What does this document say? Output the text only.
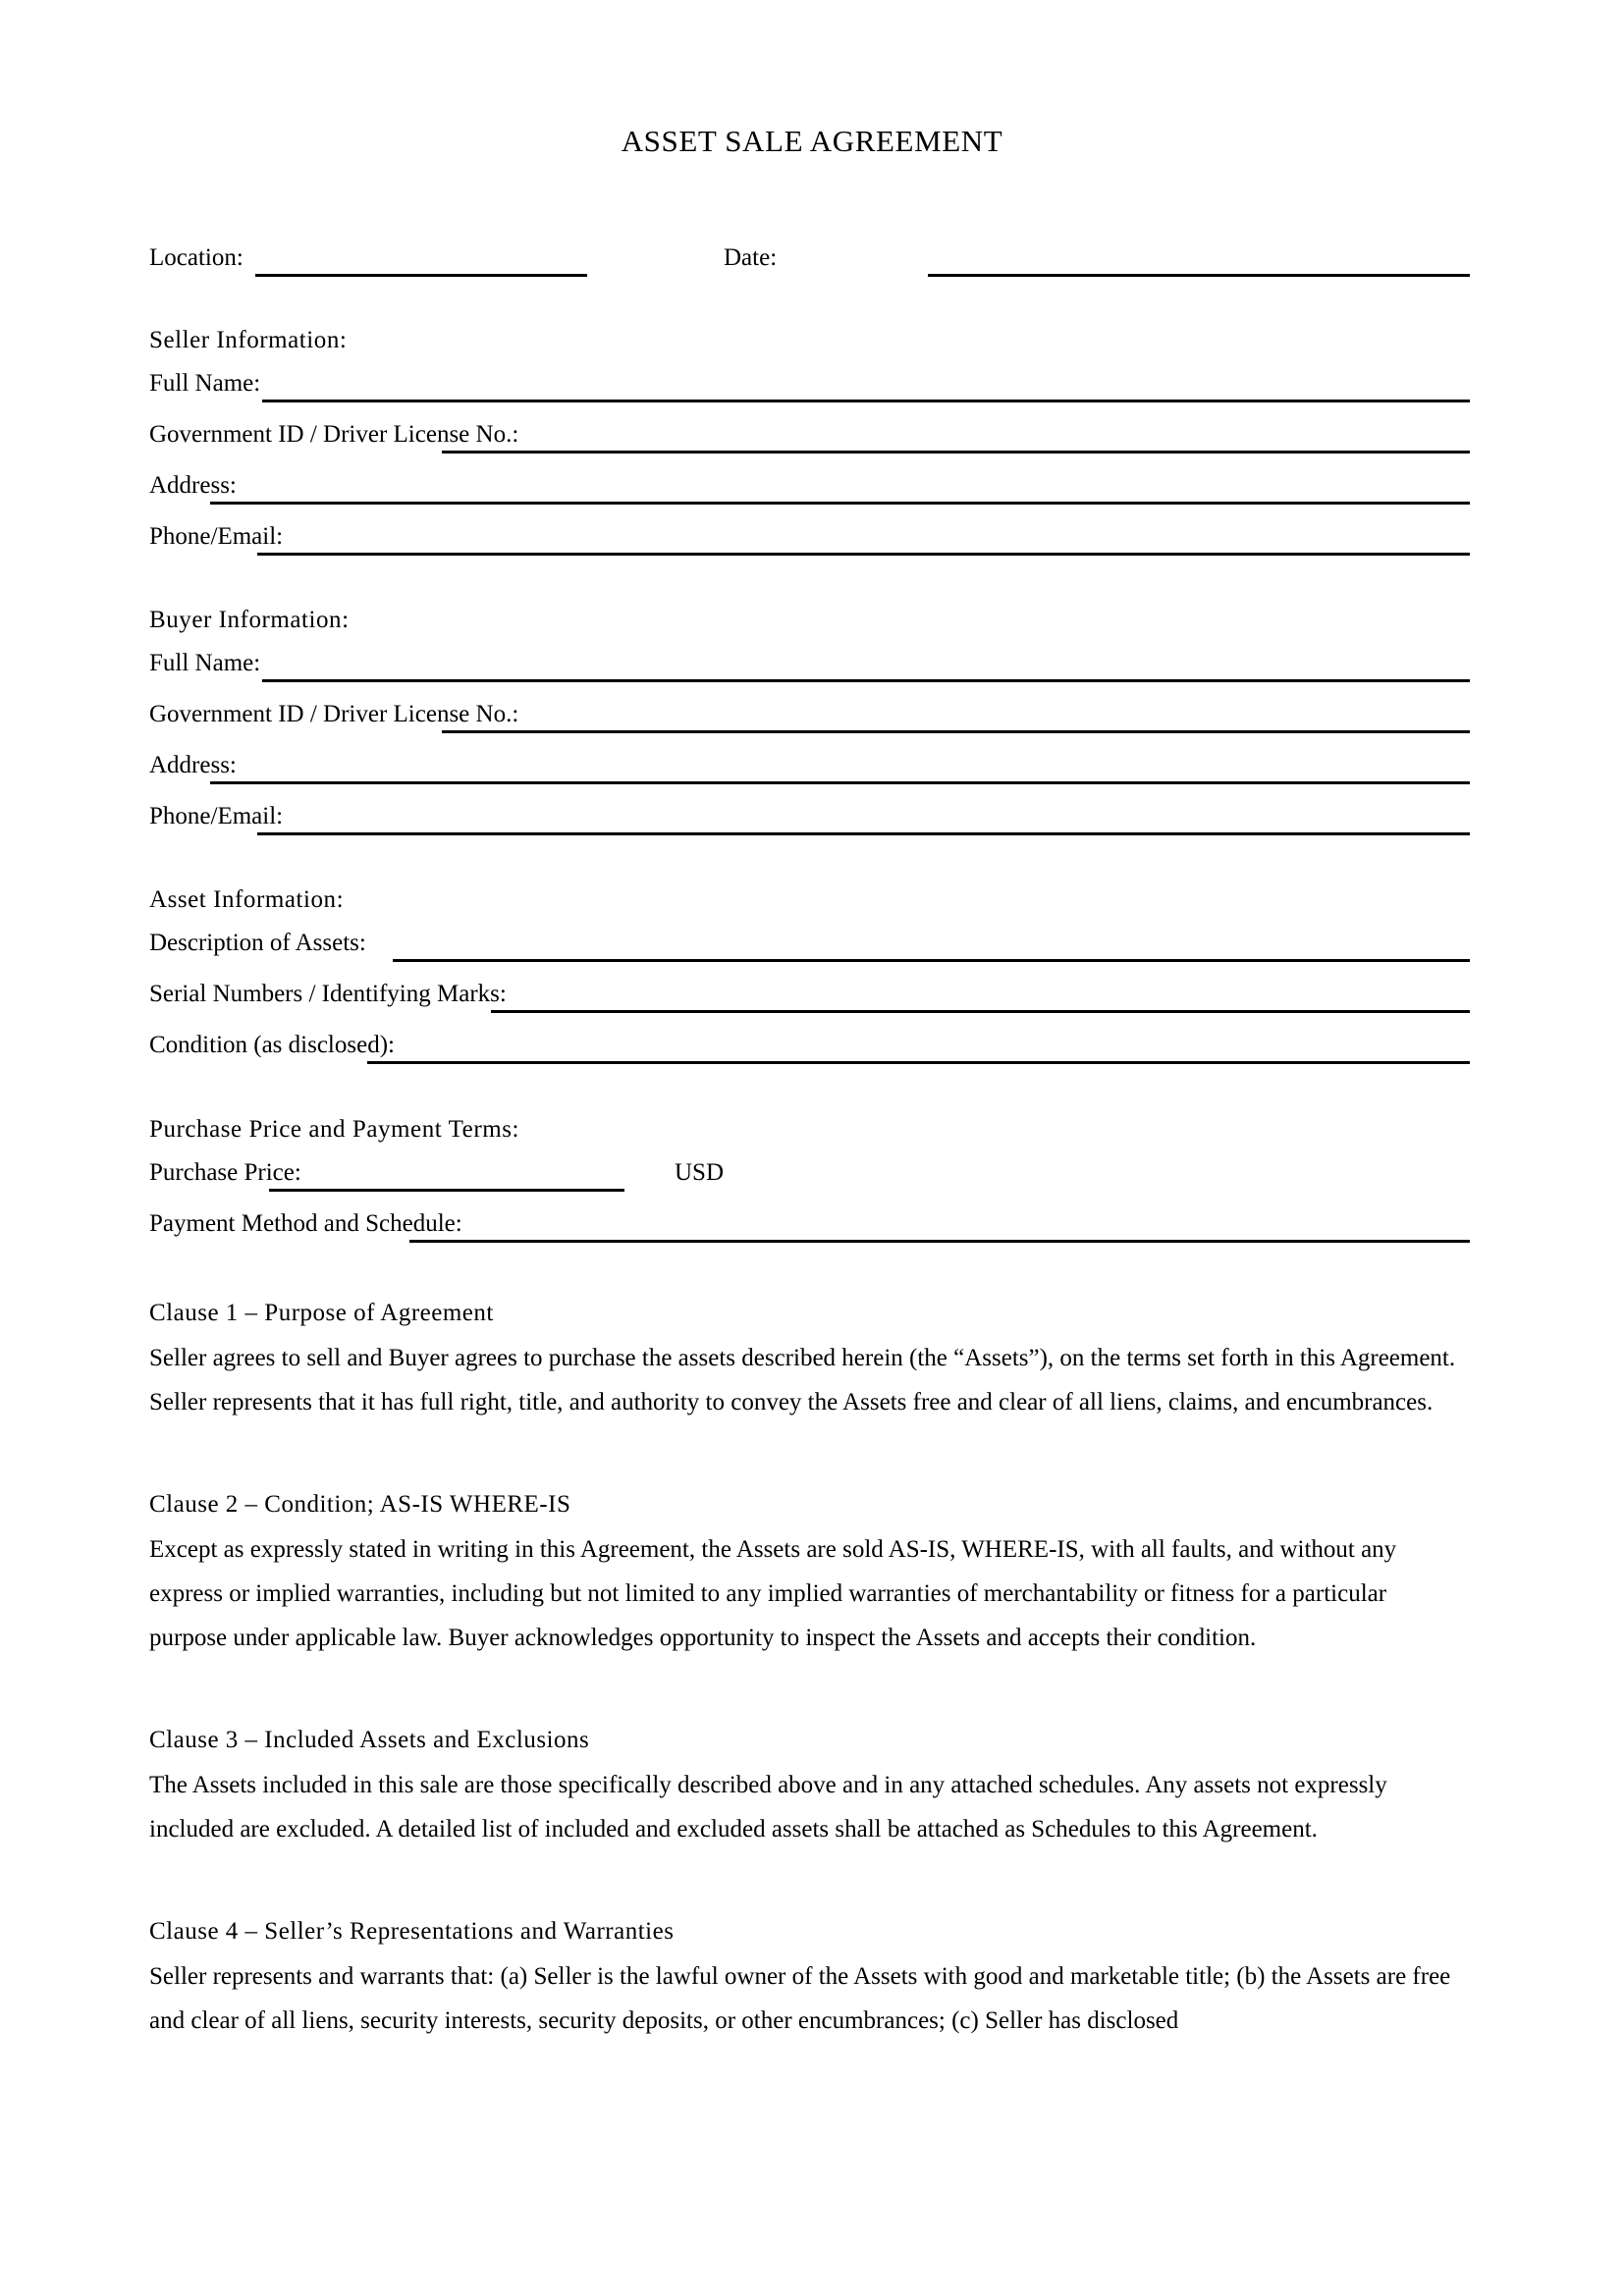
ASSET SALE AGREEMENT
Location:	Date:
Seller Information:
Full Name:
Government ID / Driver License No.:
Address:
Phone/Email:
Buyer Information:
Full Name:
Government ID / Driver License No.:
Address:
Phone/Email:
Asset Information:
Description of Assets:
Serial Numbers / Identifying Marks:
Condition (as disclosed):
Purchase Price and Payment Terms:
Purchase Price:	USD
Payment Method and Schedule:
Clause 1 – Purpose of Agreement
Seller agrees to sell and Buyer agrees to purchase the assets described herein (the “Assets”), on the terms set forth in this Agreement. Seller represents that it has full right, title, and authority to convey the Assets free and clear of all liens, claims, and encumbrances.
Clause 2 – Condition; AS-IS WHERE-IS
Except as expressly stated in writing in this Agreement, the Assets are sold AS-IS, WHERE-IS, with all faults, and without any express or implied warranties, including but not limited to any implied warranties of merchantability or fitness for a particular purpose under applicable law. Buyer acknowledges opportunity to inspect the Assets and accepts their condition.
Clause 3 – Included Assets and Exclusions
The Assets included in this sale are those specifically described above and in any attached schedules. Any assets not expressly included are excluded. A detailed list of included and excluded assets shall be attached as Schedules to this Agreement.
Clause 4 – Seller’s Representations and Warranties
Seller represents and warrants that: (a) Seller is the lawful owner of the Assets with good and marketable title; (b) the Assets are free and clear of all liens, security interests, security deposits, or other encumbrances; (c) Seller has disclosed
